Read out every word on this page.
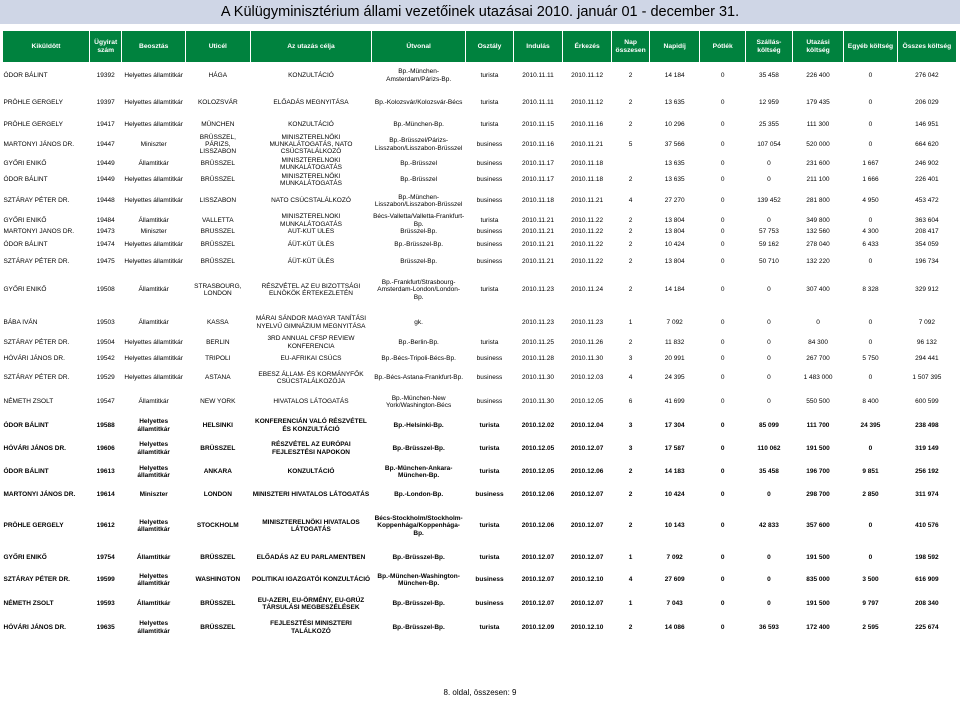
A Külügyminisztérium állami vezetőinek utazásai 2010. január 01 - december 31.
Kiküldött	Ügyirat szám	Beosztás	Uticél	Az utazás célja	Útvonal	Osztály	Indulás	Érkezés	Nap összesen	Napidíj	Pótlék	Szállás-költség	Utazási költség	Egyéb költség	Összes költség
ÓDOR BÁLINT	19392	Helyettes államtitkár	HÁGA	KONZULTÁCIÓ	Bp.-München-Amsterdam/Párizs-Bp.	turista	2010.11.11	2010.11.12	2	14 184	0	35 458	226 400	0	276 042
PRÖHLE GERGELY	19397	Helyettes államtitkár	KOLOZSVÁR	ELŐADÁS MEGNYITÁSA	Bp.-Kolozsvár/Kolozsvár-Bécs	turista	2010.11.11	2010.11.12	2	13 635	0	12 959	179 435	0	206 029
PRÖHLE GERGELY	19417	Helyettes államtitkár	MÜNCHEN	KONZULTÁCIÓ	Bp.-München-Bp.	turista	2010.11.15	2010.11.16	2	10 296	0	25 355	111 300	0	146 951
MARTONYI JÁNOS DR.	19447	Miniszter	BRÜSSZEL, PÁRIZS, LISSZABON	MINISZTERELNÖKI MUNKALÁTOGATÁS, NATO CSÚCSTALÁLKOZÓ	Bp.-Brüsszel/Párizs-Lisszabon/Lisszabon-Brüsszel	business	2010.11.16	2010.11.21	5	37 566	0	107 054	520 000	0	664 620
GYŐRI ENIKŐ	19449	Államtitkár	BRÜSSZEL	MINISZTERELNÖKI MUNKALÁTOGATÁS	Bp.-Brüsszel	business	2010.11.17	2010.11.18		13 635	0	0	231 600	1 667	246 902
ÓDOR BÁLINT	19449	Helyettes államtitkár	BRÜSSZEL	MINISZTERELNÖKI MUNKALÁTOGATÁS	Bp.-Brüsszel	business	2010.11.17	2010.11.18	2	13 635	0	0	211 100	1 666	226 401
SZTÁRAY PÉTER DR.	19448	Helyettes államtitkár	LISSZABON	NATO CSÚCSTALÁLKOZÓ	Bp.-München-Lisszabon/Lisszabon-Brüsszel	business	2010.11.18	2010.11.21	4	27 270	0	139 452	281 800	4 950	453 472
GYŐRI ENIKŐ	19484	Államtitkár	VALLETTA	MINISZTERELNÖKI MUNKALÁTOGATÁS	Bécs-Valletta/Valletta-Frankfurt-Bp.	turista	2010.11.21	2010.11.22	2	13 804	0	0	349 800	0	363 604
MARTONYI JÁNOS DR.	19473	Miniszter	BRÜSSZEL	ÁÜT-KÜT ÜLÉS	Brüsszel-Bp.	business	2010.11.21	2010.11.22	2	13 804	0	57 753	132 560	4 300	208 417
ÓDOR BÁLINT	19474	Helyettes államtitkár	BRÜSSZEL	ÁÜT-KÜT ÜLÉS	Bp.-Brüsszel-Bp.	business	2010.11.21	2010.11.22	2	10 424	0	59 162	278 040	6 433	354 059
SZTÁRAY PÉTER DR.	19475	Helyettes államtitkár	BRÜSSZEL	ÁÜT-KÜT ÜLÉS	Brüsszel-Bp.	business	2010.11.21	2010.11.22	2	13 804	0	50 710	132 220	0	196 734
GYŐRI ENIKŐ	19508	Államtitkár	STRASBOURG, LONDON	RÉSZVÉTEL AZ EU BIZOTTSÁGI ELNÖKÖK ÉRTEKEZLETÉN	Bp.-Frankfurt/Strasbourg-Amsterdam-London/London-Bp.	turista	2010.11.23	2010.11.24	2	14 184	0	0	307 400	8 328	329 912
BÁBA IVÁN	19503	Államtitkár	KASSA	MÁRAI SÁNDOR MAGYAR TANÍTÁSI NYELVŰ GIMNÁZIUM MEGNYITÁSA	gk.		2010.11.23	2010.11.23	1	7 092	0	0	0	0	7 092
SZTÁRAY PÉTER DR.	19504	Helyettes államtitkár	BERLIN	3RD ANNUAL CFSP REVIEW KONFERENCIA	Bp.-Berlin-Bp.	turista	2010.11.25	2010.11.26	2	11 832	0	0	84 300	0	96 132
HÓVÁRI JÁNOS DR.	19542	Helyettes államtitkár	TRIPOLI	EU-AFRIKAI CSÚCS	Bp.-Bécs-Tripoli-Bécs-Bp.	business	2010.11.28	2010.11.30	3	20 991	0	0	267 700	5 750	294 441
SZTÁRAY PÉTER DR.	19529	Helyettes államtitkár	ASTANA	EBESZ ÁLLAM- ÉS KORMÁNYFŐK CSÚCSTALÁLKOZÓJA	Bp.-Bécs-Astana-Frankfurt-Bp.	business	2010.11.30	2010.12.03	4	24 395	0	0	1 483 000	0	1 507 395
NÉMETH ZSOLT	19547	Államtitkár	NEW YORK	HIVATALOS LÁTOGATÁS	Bp.-München-New York/Washington-Bécs	business	2010.11.30	2010.12.05	6	41 699	0	0	550 500	8 400	600 599
ÓDOR BÁLINT	19588	Helyettes államtitkár	HELSINKI	KONFERENCIÁN VALÓ RÉSZVÉTEL ÉS KONZULTÁCIÓ	Bp.-Helsinki-Bp.	turista	2010.12.02	2010.12.04	3	17 304	0	85 099	111 700	24 395	238 498
HÓVÁRI JÁNOS DR.	19606	Helyettes államtitkár	BRÜSSZEL	RÉSZVÉTEL AZ EURÓPAI FEJLESZTÉSI NAPOKON	Bp.-Brüsszel-Bp.	turista	2010.12.05	2010.12.07	3	17 587	0	110 062	191 500	0	319 149
ÓDOR BÁLINT	19613	Helyettes államtitkár	ANKARA	KONZULTÁCIÓ	Bp.-München-Ankara-München-Bp.	turista	2010.12.05	2010.12.06	2	14 183	0	35 458	196 700	9 851	256 192
MARTONYI JÁNOS DR.	19614	Miniszter	LONDON	MINISZTERI HIVATALOS LÁTOGATÁS	Bp.-London-Bp.	business	2010.12.06	2010.12.07	2	10 424	0	0	298 700	2 850	311 974
PRÖHLE GERGELY	19612	Helyettes államtitkár	STOCKHOLM	MINISZTERELNÖKI HIVATALOS LÁTOGATÁS	Bécs-Stockholm/Stockholm-Koppenhága/Koppenhága-Bp.	turista	2010.12.06	2010.12.07	2	10 143	0	42 833	357 600	0	410 576
GYŐRI ENIKŐ	19754	Államtitkár	BRÜSSZEL	ELŐADÁS AZ EU PARLAMENTBEN	Bp.-Brüsszel-Bp.	turista	2010.12.07	2010.12.07	1	7 092	0	0	191 500	0	198 592
SZTÁRAY PÉTER DR.	19599	Helyettes államtitkár	WASHINGTON	POLITIKAI IGAZGATÓI KONZULTÁCIÓ	Bp.-München-Washington-München-Bp.	business	2010.12.07	2010.12.10	4	27 609	0	0	835 000	3 500	616 909
NÉMETH ZSOLT	19593	Államtitkár	BRÜSSZEL	EU-AZERI, EU-ÖRMÉNY, EU-GRÚZ TÁRSULÁSI MEGBESZÉLÉSEK	Bp.-Brüsszel-Bp.	business	2010.12.07	2010.12.07	1	7 043	0	0	191 500	9 797	208 340
HÓVÁRI JÁNOS DR.	19635	Helyettes államtitkár	BRÜSSZEL	FEJLESZTÉSI MINISZTERI TALÁLKOZÓ	Bp.-Brüsszel-Bp.	turista	2010.12.09	2010.12.10	2	14 086	0	36 593	172 400	2 595	225 674
8. oldal, összesen: 9
